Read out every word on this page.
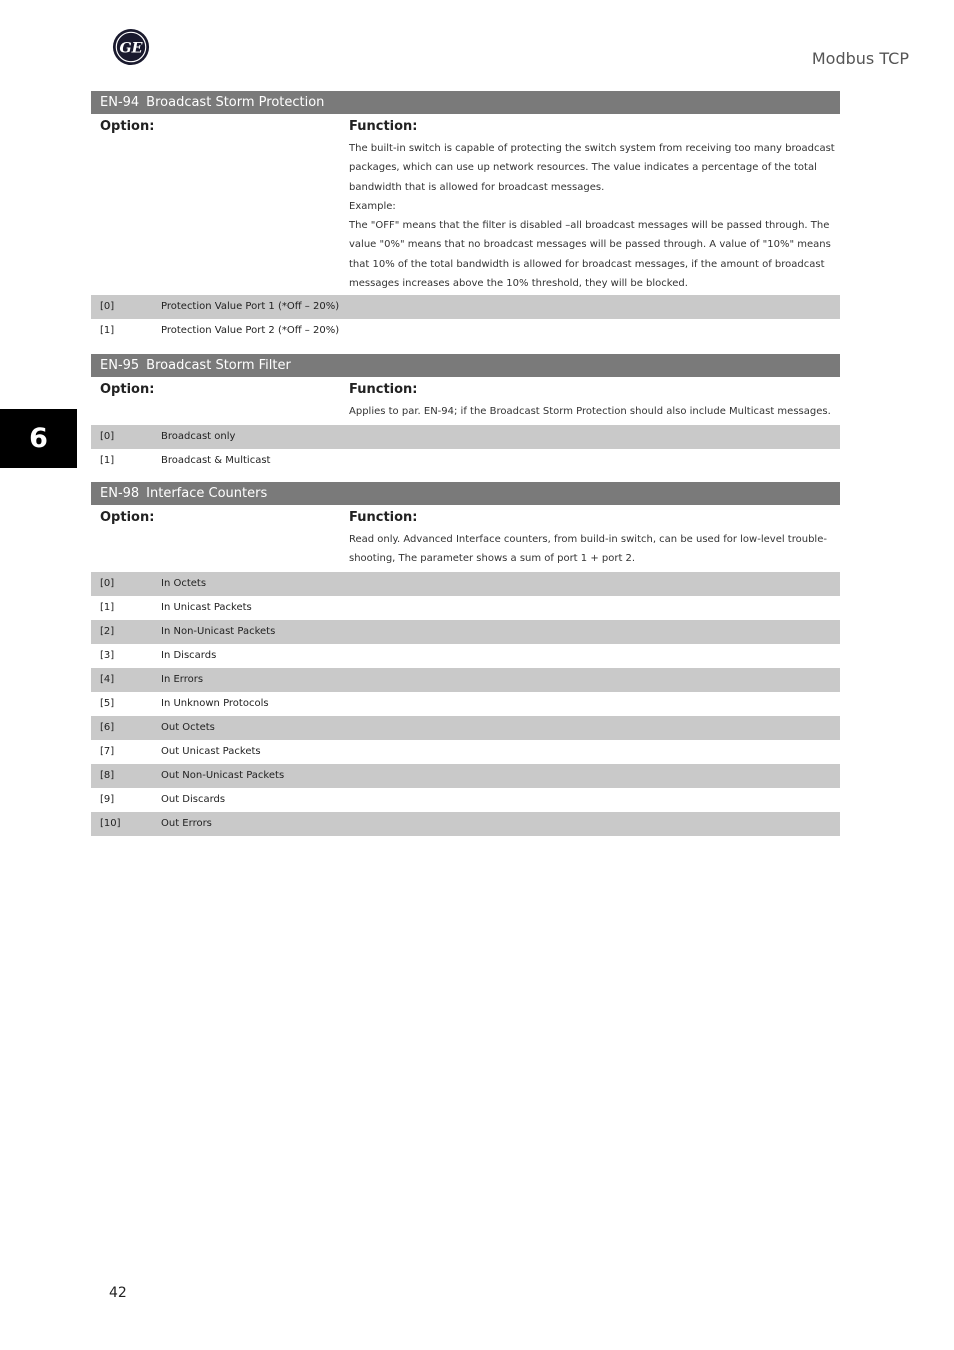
GE
Modbus TCP
6
EN-94 Broadcast Storm Protection
Option:	Function:

The built-in switch is capable of protecting the switch system from receiving too many broadcast packages, which can use up network resources. The value indicates a percentage of the total bandwidth that is allowed for broadcast messages.

Example:

The "OFF" means that the filter is disabled –all broadcast messages will be passed through. The value "0%" means that no broadcast messages will be passed through. A value of "10%" means that 10% of the total bandwidth is allowed for broadcast messages, if the amount of broadcast messages increases above the 10% threshold, they will be blocked.

[0]	Protection Value Port 1 (*Off – 20%)
[1]	Protection Value Port 2 (*Off – 20%)
EN-95 Broadcast Storm Filter
Option:	Function:

Applies to par. EN-94; if the Broadcast Storm Protection should also include Multicast messages.

[0]	Broadcast only
[1]	Broadcast & Multicast
EN-98 Interface Counters
Option:	Function:

Read only. Advanced Interface counters, from build-in switch, can be used for low-level trouble-shooting, The parameter shows a sum of port 1 + port 2.

[0]	In Octets
[1]	In Unicast Packets
[2]	In Non-Unicast Packets
[3]	In Discards
[4]	In Errors
[5]	In Unknown Protocols
[6]	Out Octets
[7]	Out Unicast Packets
[8]	Out Non-Unicast Packets
[9]	Out Discards
[10]	Out Errors
42
